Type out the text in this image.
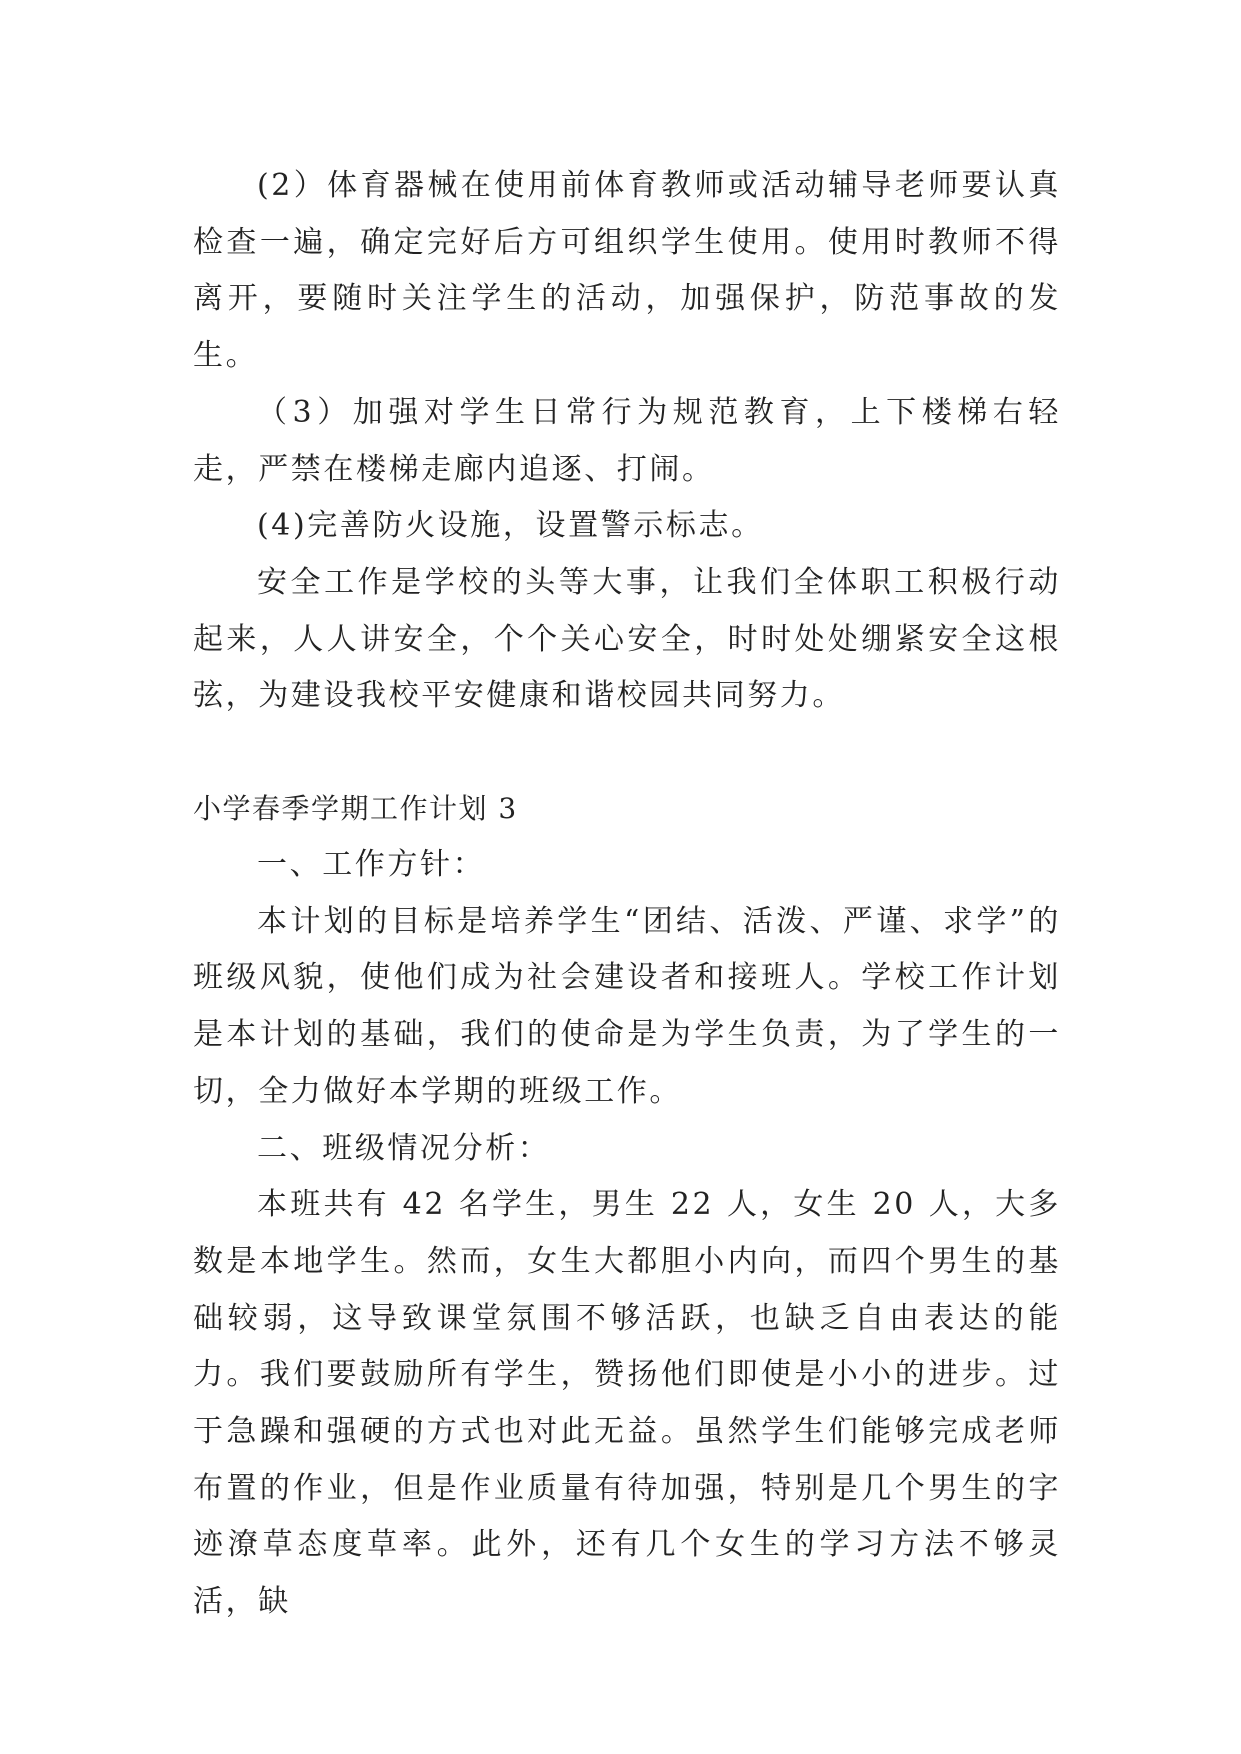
(2）体育器械在使用前体育教师或活动辅导老师要认真检查一遍，确定完好后方可组织学生使用。使用时教师不得离开，要随时关注学生的活动，加强保护，防范事故的发生。

（3）加强对学生日常行为规范教育，上下楼梯右轻走，严禁在楼梯走廊内追逐、打闹。

(4)完善防火设施，设置警示标志。

安全工作是学校的头等大事，让我们全体职工积极行动起来，人人讲安全，个个关心安全，时时处处绷紧安全这根弦，为建设我校平安健康和谐校园共同努力。

小学春季学期工作计划 3

一、工作方针：

本计划的目标是培养学生“团结、活泼、严谨、求学”的班级风貌，使他们成为社会建设者和接班人。学校工作计划是本计划的基础，我们的使命是为学生负责，为了学生的一切，全力做好本学期的班级工作。

二、班级情况分析：

本班共有 42 名学生，男生 22 人，女生 20 人，大多数是本地学生。然而，女生大都胆小内向，而四个男生的基础较弱，这导致课堂氛围不够活跃，也缺乏自由表达的能力。我们要鼓励所有学生，赞扬他们即使是小小的进步。过于急躁和强硬的方式也对此无益。虽然学生们能够完成老师布置的作业，但是作业质量有待加强，特别是几个男生的字迹潦草态度草率。此外，还有几个女生的学习方法不够灵活，缺
